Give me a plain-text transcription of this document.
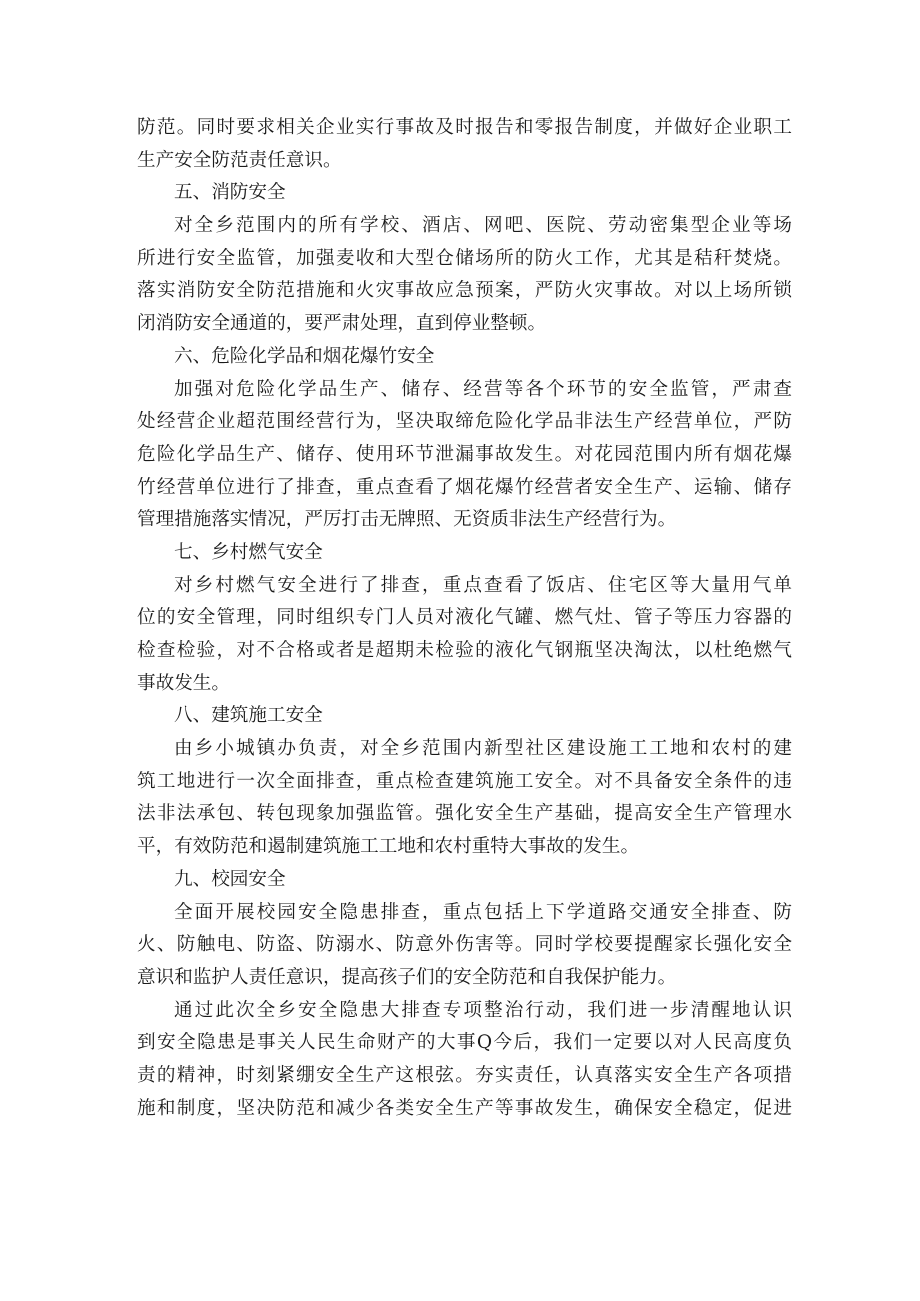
防范。同时要求相关企业实行事故及时报告和零报告制度，并做好企业职工
生产安全防范责任意识。
五、消防安全
对全乡范围内的所有学校、酒店、网吧、医院、劳动密集型企业等场
所进行安全监管，加强麦收和大型仓储场所的防火工作，尤其是秸秆焚烧。
落实消防安全防范措施和火灾事故应急预案，严防火灾事故。对以上场所锁
闭消防安全通道的，要严肃处理，直到停业整顿。
六、危险化学品和烟花爆竹安全
加强对危险化学品生产、储存、经营等各个环节的安全监管，严肃查
处经营企业超范围经营行为，坚决取缔危险化学品非法生产经营单位，严防
危险化学品生产、储存、使用环节泄漏事故发生。对花园范围内所有烟花爆
竹经营单位进行了排查，重点查看了烟花爆竹经营者安全生产、运输、储存
管理措施落实情况，严厉打击无牌照、无资质非法生产经营行为。
七、乡村燃气安全
对乡村燃气安全进行了排查，重点查看了饭店、住宅区等大量用气单
位的安全管理，同时组织专门人员对液化气罐、燃气灶、管子等压力容器的
检查检验，对不合格或者是超期未检验的液化气钢瓶坚决淘汰，以杜绝燃气
事故发生。
八、建筑施工安全
由乡小城镇办负责，对全乡范围内新型社区建设施工工地和农村的建
筑工地进行一次全面排查，重点检查建筑施工安全。对不具备安全条件的违
法非法承包、转包现象加强监管。强化安全生产基础，提高安全生产管理水
平，有效防范和遏制建筑施工工地和农村重特大事故的发生。
九、校园安全
全面开展校园安全隐患排查，重点包括上下学道路交通安全排查、防
火、防触电、防盗、防溺水、防意外伤害等。同时学校要提醒家长强化安全
意识和监护人责任意识，提高孩子们的安全防范和自我保护能力。
通过此次全乡安全隐患大排查专项整治行动，我们进一步清醒地认识
到安全隐患是事关人民生命财产的大事Q今后，我们一定要以对人民高度负
责的精神，时刻紧绷安全生产这根弦。夯实责任，认真落实安全生产各项措
施和制度，坚决防范和减少各类安全生产等事故发生，确保安全稳定，促进
